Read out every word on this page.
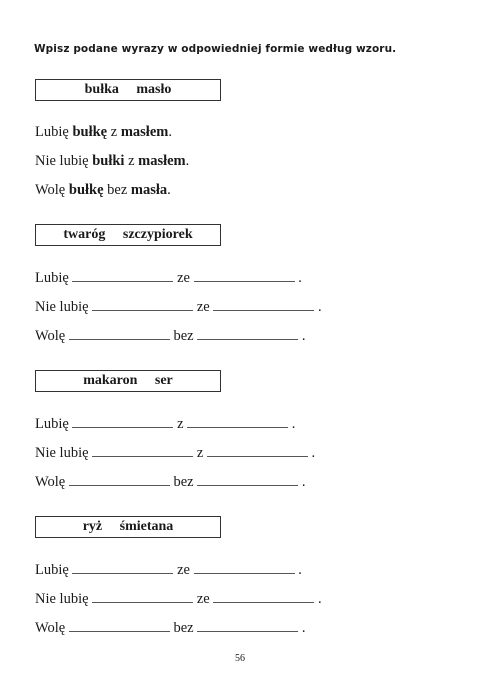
Wpisz podane wyrazy w odpowiedniej formie według wzoru.
bułka     masło
Lubię bułkę z masłem.
Nie lubię bułki z masłem.
Wolę bułkę bez masła.
twaróg     szczypiorek
Lubię	ze	.
Nie lubię	ze	.
Wolę	bez	.
makaron     ser
Lubię	z	.
Nie lubię	z	.
Wolę	bez	.
ryż     śmietana
Lubię	ze	.
Nie lubię	ze	.
Wolę	bez	.
56
